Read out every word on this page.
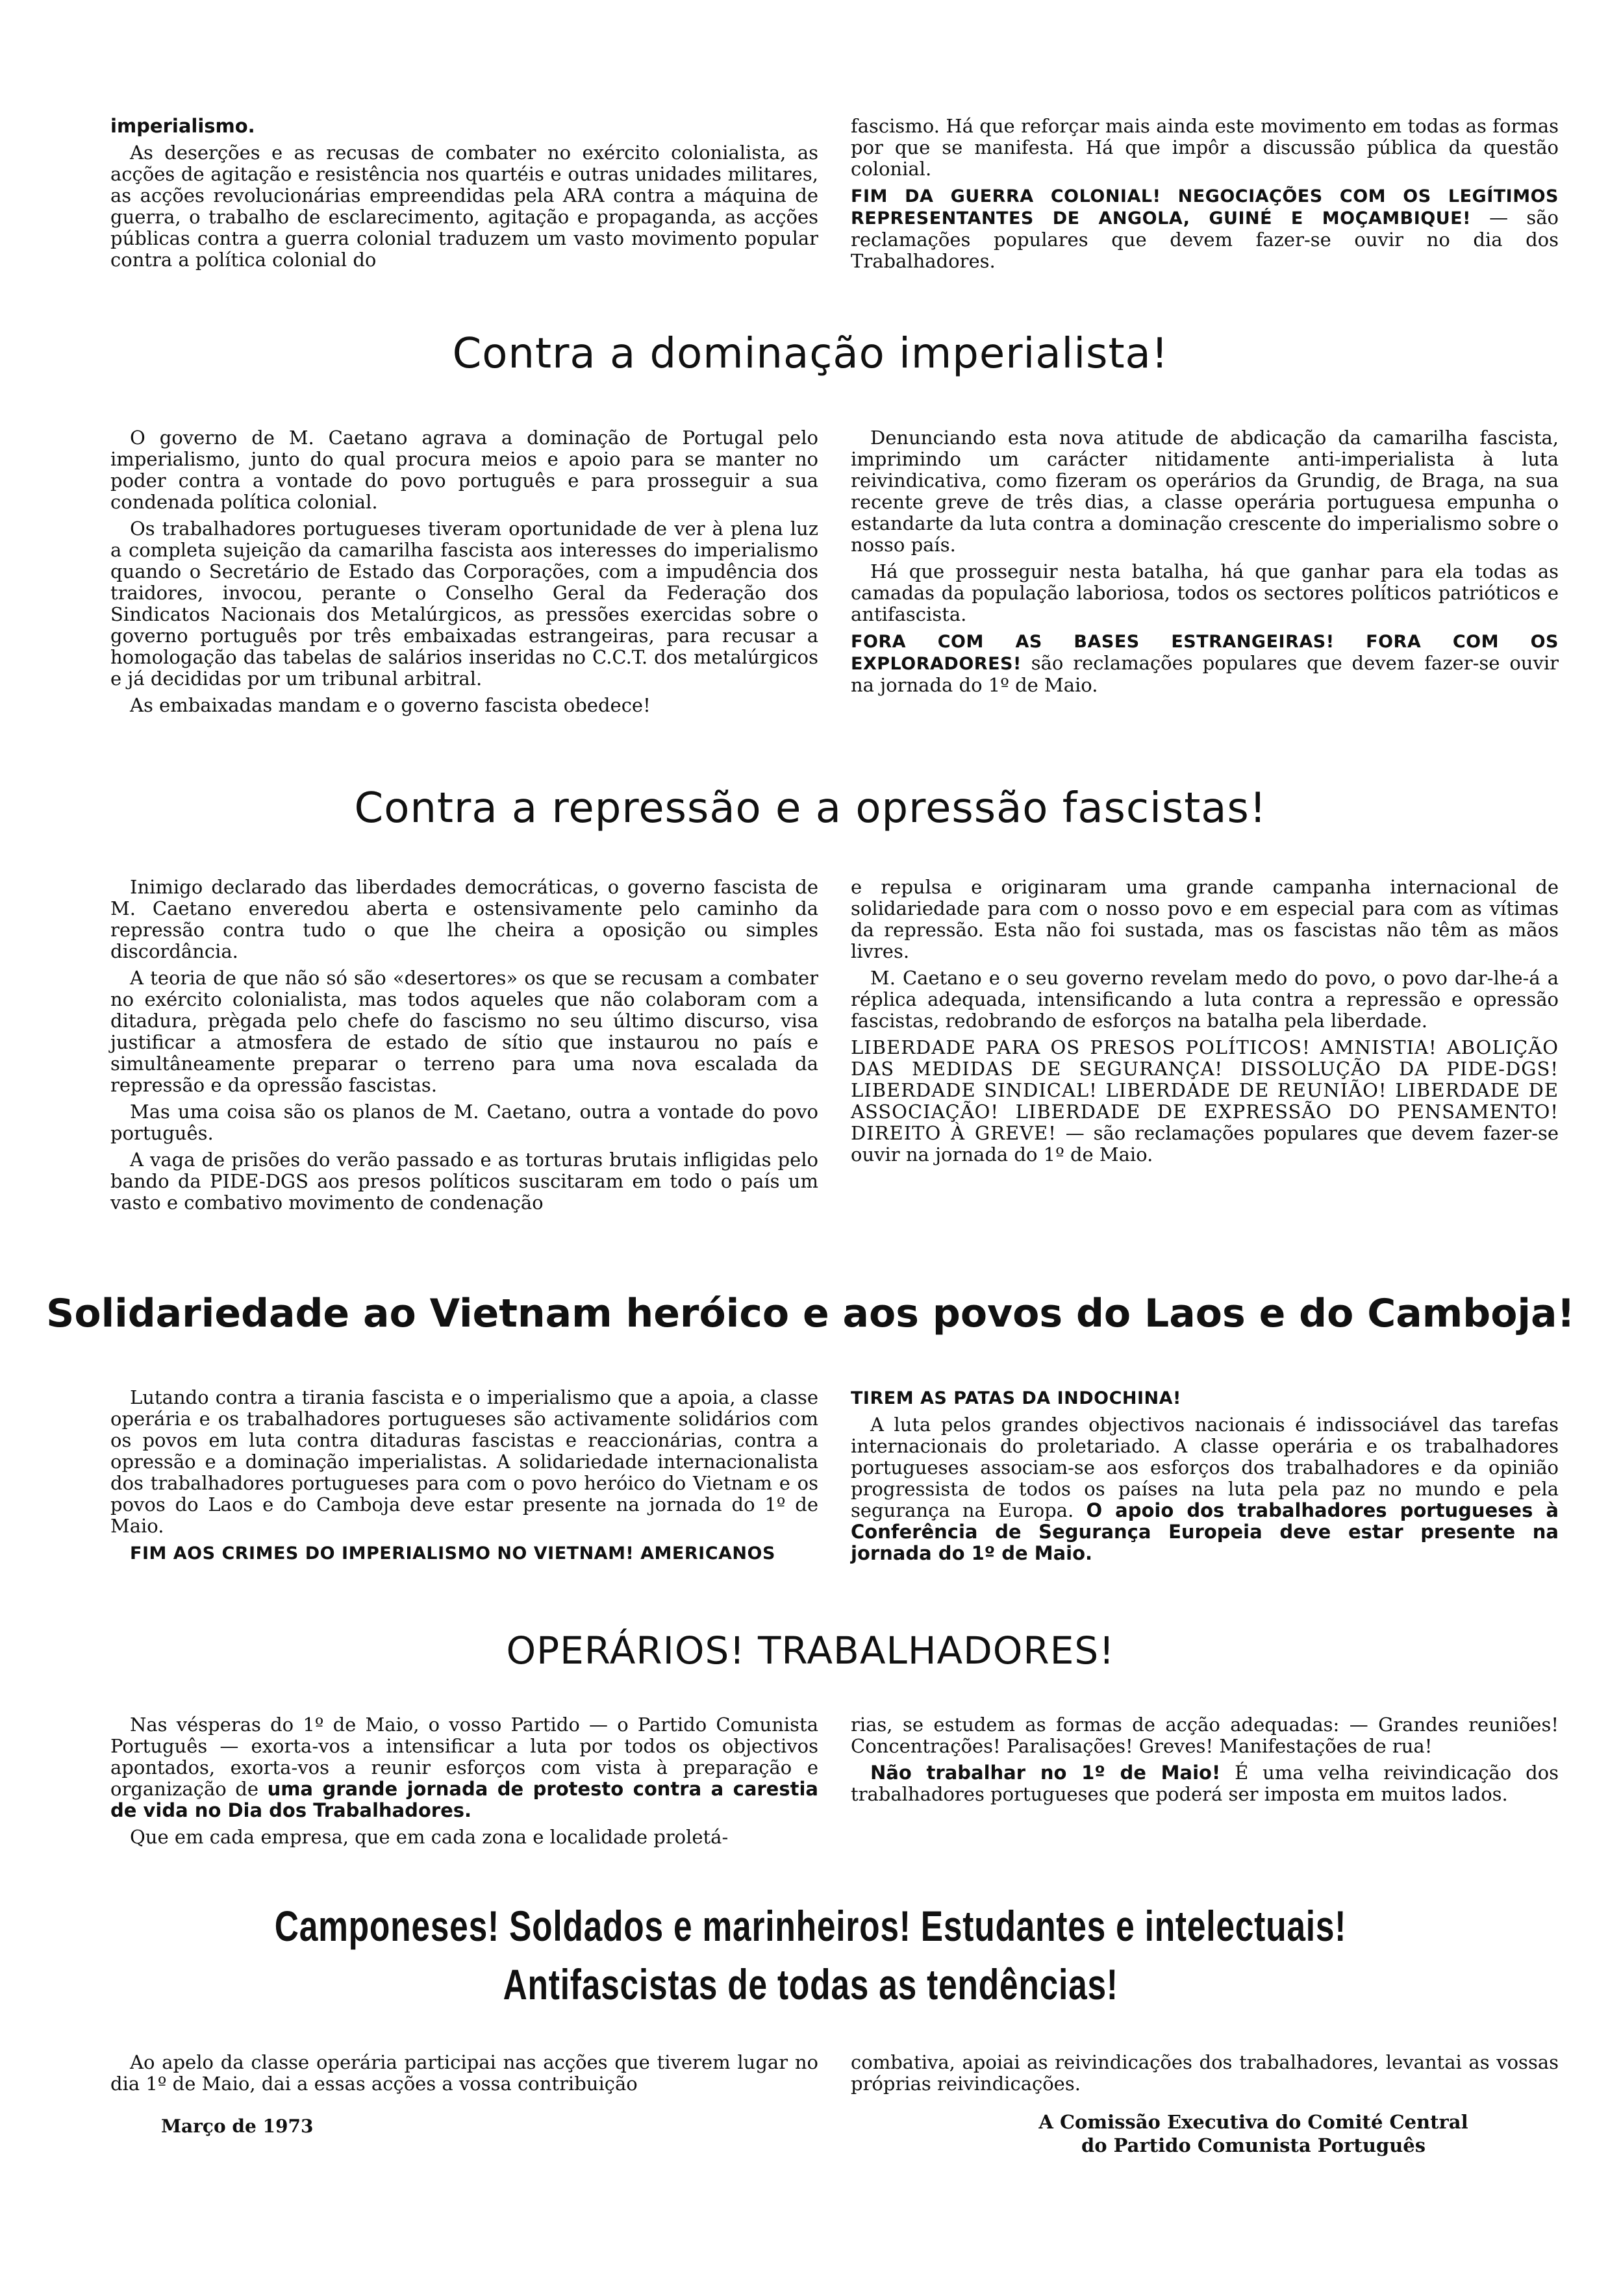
imperialismo.

As deserções e as recusas de combater no exército colonialista, as acções de agitação e resistência nos quartéis e outras unidades militares, as acções revolucionárias empreendidas pela ARA contra a máquina de guerra, o trabalho de esclarecimento, agitação e propaganda, as acções públicas contra a guerra colonial traduzem um vasto movimento popular contra a política colonial do

fascismo. Há que reforçar mais ainda este movimento em todas as formas por que se manifesta. Há que impôr a discussão pública da questão colonial.

FIM DA GUERRA COLONIAL! NEGOCIAÇÕES COM OS LEGÍTIMOS REPRESENTANTES DE ANGOLA, GUINÉ E MOÇAMBIQUE! — são reclamações populares que devem fazer-se ouvir no dia dos Trabalhadores.

Contra a dominação imperialista!

O governo de M. Caetano agrava a dominação de Portugal pelo imperialismo, junto do qual procura meios e apoio para se manter no poder contra a vontade do povo português e para prosseguir a sua condenada política colonial.

Os trabalhadores portugueses tiveram oportunidade de ver à plena luz a completa sujeição da camarilha fascista aos interesses do imperialismo quando o Secretário de Estado das Corporações, com a impudência dos traidores, invocou, perante o Conselho Geral da Federação dos Sindicatos Nacionais dos Metalúrgicos, as pressões exercidas sobre o governo português por três embaixadas estrangeiras, para recusar a homologação das tabelas de salários inseridas no C.C.T. dos metalúrgicos e já decididas por um tribunal arbitral.

As embaixadas mandam e o governo fascista obedece!

Denunciando esta nova atitude de abdicação da camarilha fascista, imprimindo um carácter nitidamente anti-imperialista à luta reivindicativa, como fizeram os operários da Grundig, de Braga, na sua recente greve de três dias, a classe operária portuguesa empunha o estandarte da luta contra a dominação crescente do imperialismo sobre o nosso país.

Há que prosseguir nesta batalha, há que ganhar para ela todas as camadas da população laboriosa, todos os sectores políticos patrióticos e antifascista.

FORA COM AS BASES ESTRANGEIRAS! FORA COM OS EXPLORADORES! são reclamações populares que devem fazer-se ouvir na jornada do 1º de Maio.

Contra a repressão e a opressão fascistas!

Inimigo declarado das liberdades democráticas, o governo fascista de M. Caetano enveredou aberta e ostensivamente pelo caminho da repressão contra tudo o que lhe cheira a oposição ou simples discordância.

A teoria de que não só são «desertores» os que se recusam a combater no exército colonialista, mas todos aqueles que não colaboram com a ditadura, prègada pelo chefe do fascismo no seu último discurso, visa justificar a atmosfera de estado de sítio que instaurou no país e simultâneamente preparar o terreno para uma nova escalada da repressão e da opressão fascistas.

Mas uma coisa são os planos de M. Caetano, outra a vontade do povo português.

A vaga de prisões do verão passado e as torturas brutais infligidas pelo bando da PIDE-DGS aos presos políticos suscitaram em todo o país um vasto e combativo movimento de condenação

e repulsa e originaram uma grande campanha internacional de solidariedade para com o nosso povo e em especial para com as vítimas da repressão. Esta não foi sustada, mas os fascistas não têm as mãos livres.

M. Caetano e o seu governo revelam medo do povo, o povo dar-lhe-á a réplica adequada, intensificando a luta contra a repressão e opressão fascistas, redobrando de esforços na batalha pela liberdade.

LIBERDADE PARA OS PRESOS POLÍTICOS! AMNISTIA! ABOLIÇÃO DAS MEDIDAS DE SEGURANÇA! DISSOLUÇÃO DA PIDE-DGS! LIBERDADE SINDICAL! LIBERDADE DE REUNIÃO! LIBERDADE DE ASSOCIAÇÃO! LIBERDADE DE EXPRESSÃO DO PENSAMENTO! DIREITO À GREVE! — são reclamações populares que devem fazer-se ouvir na jornada do 1º de Maio.

Solidariedade ao Vietnam heróico e aos povos do Laos e do Camboja!

Lutando contra a tirania fascista e o imperialismo que a apoia, a classe operária e os trabalhadores portugueses são activamente solidários com os povos em luta contra ditaduras fascistas e reaccionárias, contra a opressão e a dominação imperialistas. A solidariedade internacionalista dos trabalhadores portugueses para com o povo heróico do Vietnam e os povos do Laos e do Camboja deve estar presente na jornada do 1º de Maio.

FIM AOS CRIMES DO IMPERIALISMO NO VIETNAM! AMERICANOS

TIREM AS PATAS DA INDOCHINA!

A luta pelos grandes objectivos nacionais é indissociável das tarefas internacionais do proletariado. A classe operária e os trabalhadores portugueses associam-se aos esforços dos trabalhadores e da opinião progressista de todos os países na luta pela paz no mundo e pela segurança na Europa. O apoio dos trabalhadores portugueses à Conferência de Segurança Europeia deve estar presente na jornada do 1º de Maio.

OPERÁRIOS! TRABALHADORES!

Nas vésperas do 1º de Maio, o vosso Partido — o Partido Comunista Português — exorta-vos a intensificar a luta por todos os objectivos apontados, exorta-vos a reunir esforços com vista à preparação e organização de uma grande jornada de protesto contra a carestia de vida no Dia dos Trabalhadores.

Que em cada empresa, que em cada zona e localidade proletá-

rias, se estudem as formas de acção adequadas: — Grandes reuniões! Concentrações! Paralisações! Greves! Manifestações de rua!

Não trabalhar no 1º de Maio! É uma velha reivindicação dos trabalhadores portugueses que poderá ser imposta em muitos lados.

Camponeses! Soldados e marinheiros! Estudantes e intelectuais!
Antifascistas de todas as tendências!

Ao apelo da classe operária participai nas acções que tiverem lugar no dia 1º de Maio, dai a essas acções a vossa contribuição

combativa, apoiai as reivindicações dos trabalhadores, levantai as vossas próprias reivindicações.

Março de 1973	A Comissão Executiva do Comité Central
do Partido Comunista Português
